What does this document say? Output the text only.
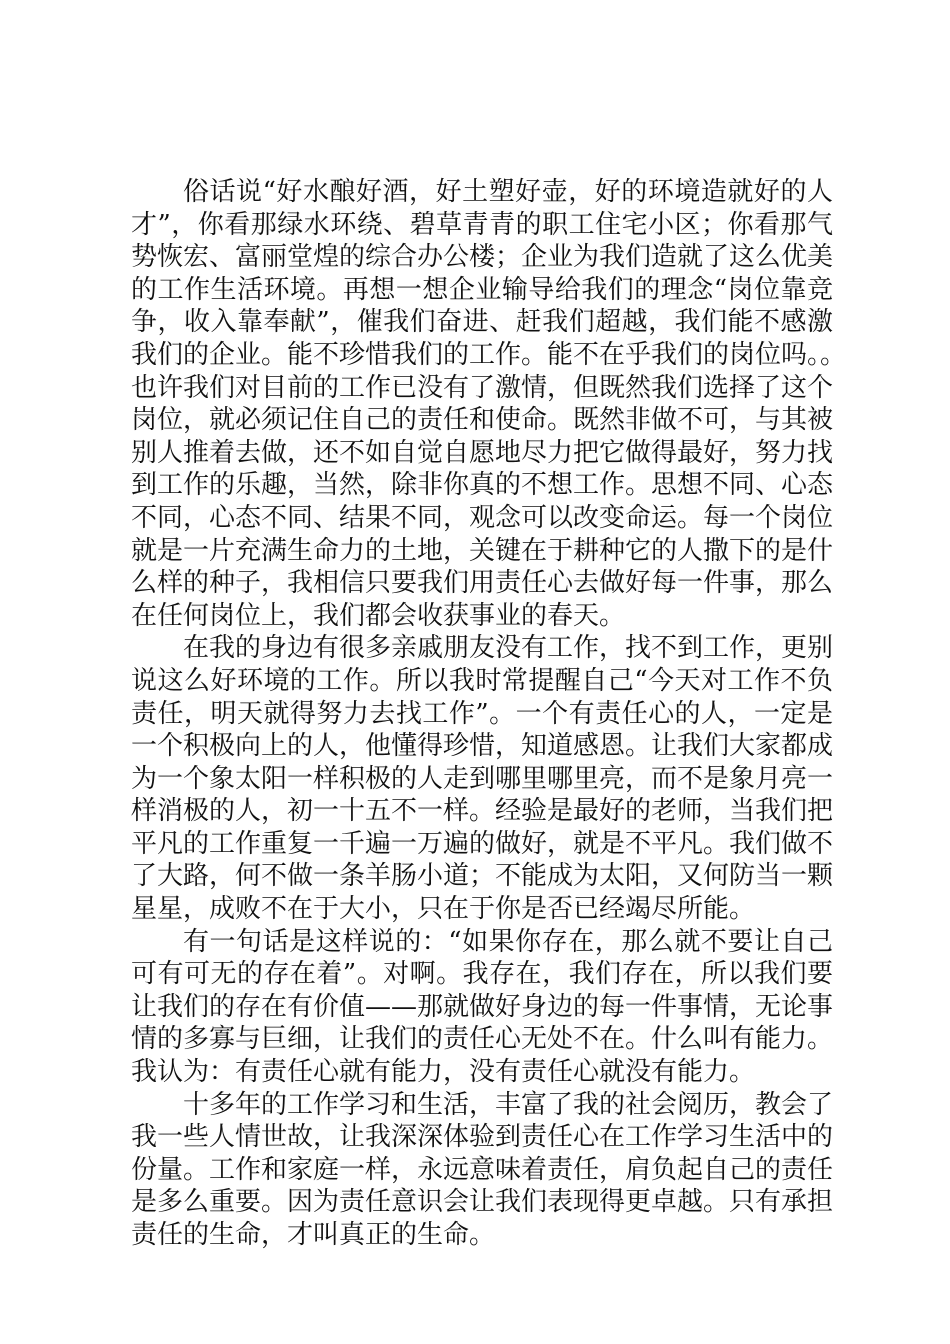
俗话说“好水酿好酒，好土塑好壶，好的环境造就好的人
才”，你看那绿水环绕、碧草青青的职工住宅小区；你看那气
势恢宏、富丽堂煌的综合办公楼；企业为我们造就了这么优美
的工作生活环境。再想一想企业输导给我们的理念“岗位靠竞
争，收入靠奉献”，催我们奋进、赶我们超越，我们能不感激
我们的企业。能不珍惜我们的工作。能不在乎我们的岗位吗。。
也许我们对目前的工作已没有了激情，但既然我们选择了这个
岗位，就必须记住自己的责任和使命。既然非做不可，与其被
别人推着去做，还不如自觉自愿地尽力把它做得最好，努力找
到工作的乐趣，当然，除非你真的不想工作。思想不同、心态
不同，心态不同、结果不同，观念可以改变命运。每一个岗位
就是一片充满生命力的土地，关键在于耕种它的人撒下的是什
么样的种子，我相信只要我们用责任心去做好每一件事，那么
在任何岗位上，我们都会收获事业的春天。
在我的身边有很多亲戚朋友没有工作，找不到工作，更别
说这么好环境的工作。所以我时常提醒自己“今天对工作不负
责任，明天就得努力去找工作”。一个有责任心的人，一定是
一个积极向上的人，他懂得珍惜，知道感恩。让我们大家都成
为一个象太阳一样积极的人走到哪里哪里亮，而不是象月亮一
样消极的人，初一十五不一样。经验是最好的老师，当我们把
平凡的工作重复一千遍一万遍的做好，就是不平凡。我们做不
了大路，何不做一条羊肠小道；不能成为太阳，又何防当一颗
星星，成败不在于大小，只在于你是否已经竭尽所能。
有一句话是这样说的：“如果你存在，那么就不要让自己
可有可无的存在着”。对啊。我存在，我们存在，所以我们要
让我们的存在有价值——那就做好身边的每一件事情，无论事
情的多寡与巨细，让我们的责任心无处不在。什么叫有能力。
我认为：有责任心就有能力，没有责任心就没有能力。
十多年的工作学习和生活，丰富了我的社会阅历，教会了
我一些人情世故，让我深深体验到责任心在工作学习生活中的
份量。工作和家庭一样，永远意味着责任，肩负起自己的责任
是多么重要。因为责任意识会让我们表现得更卓越。只有承担
责任的生命，才叫真正的生命。
